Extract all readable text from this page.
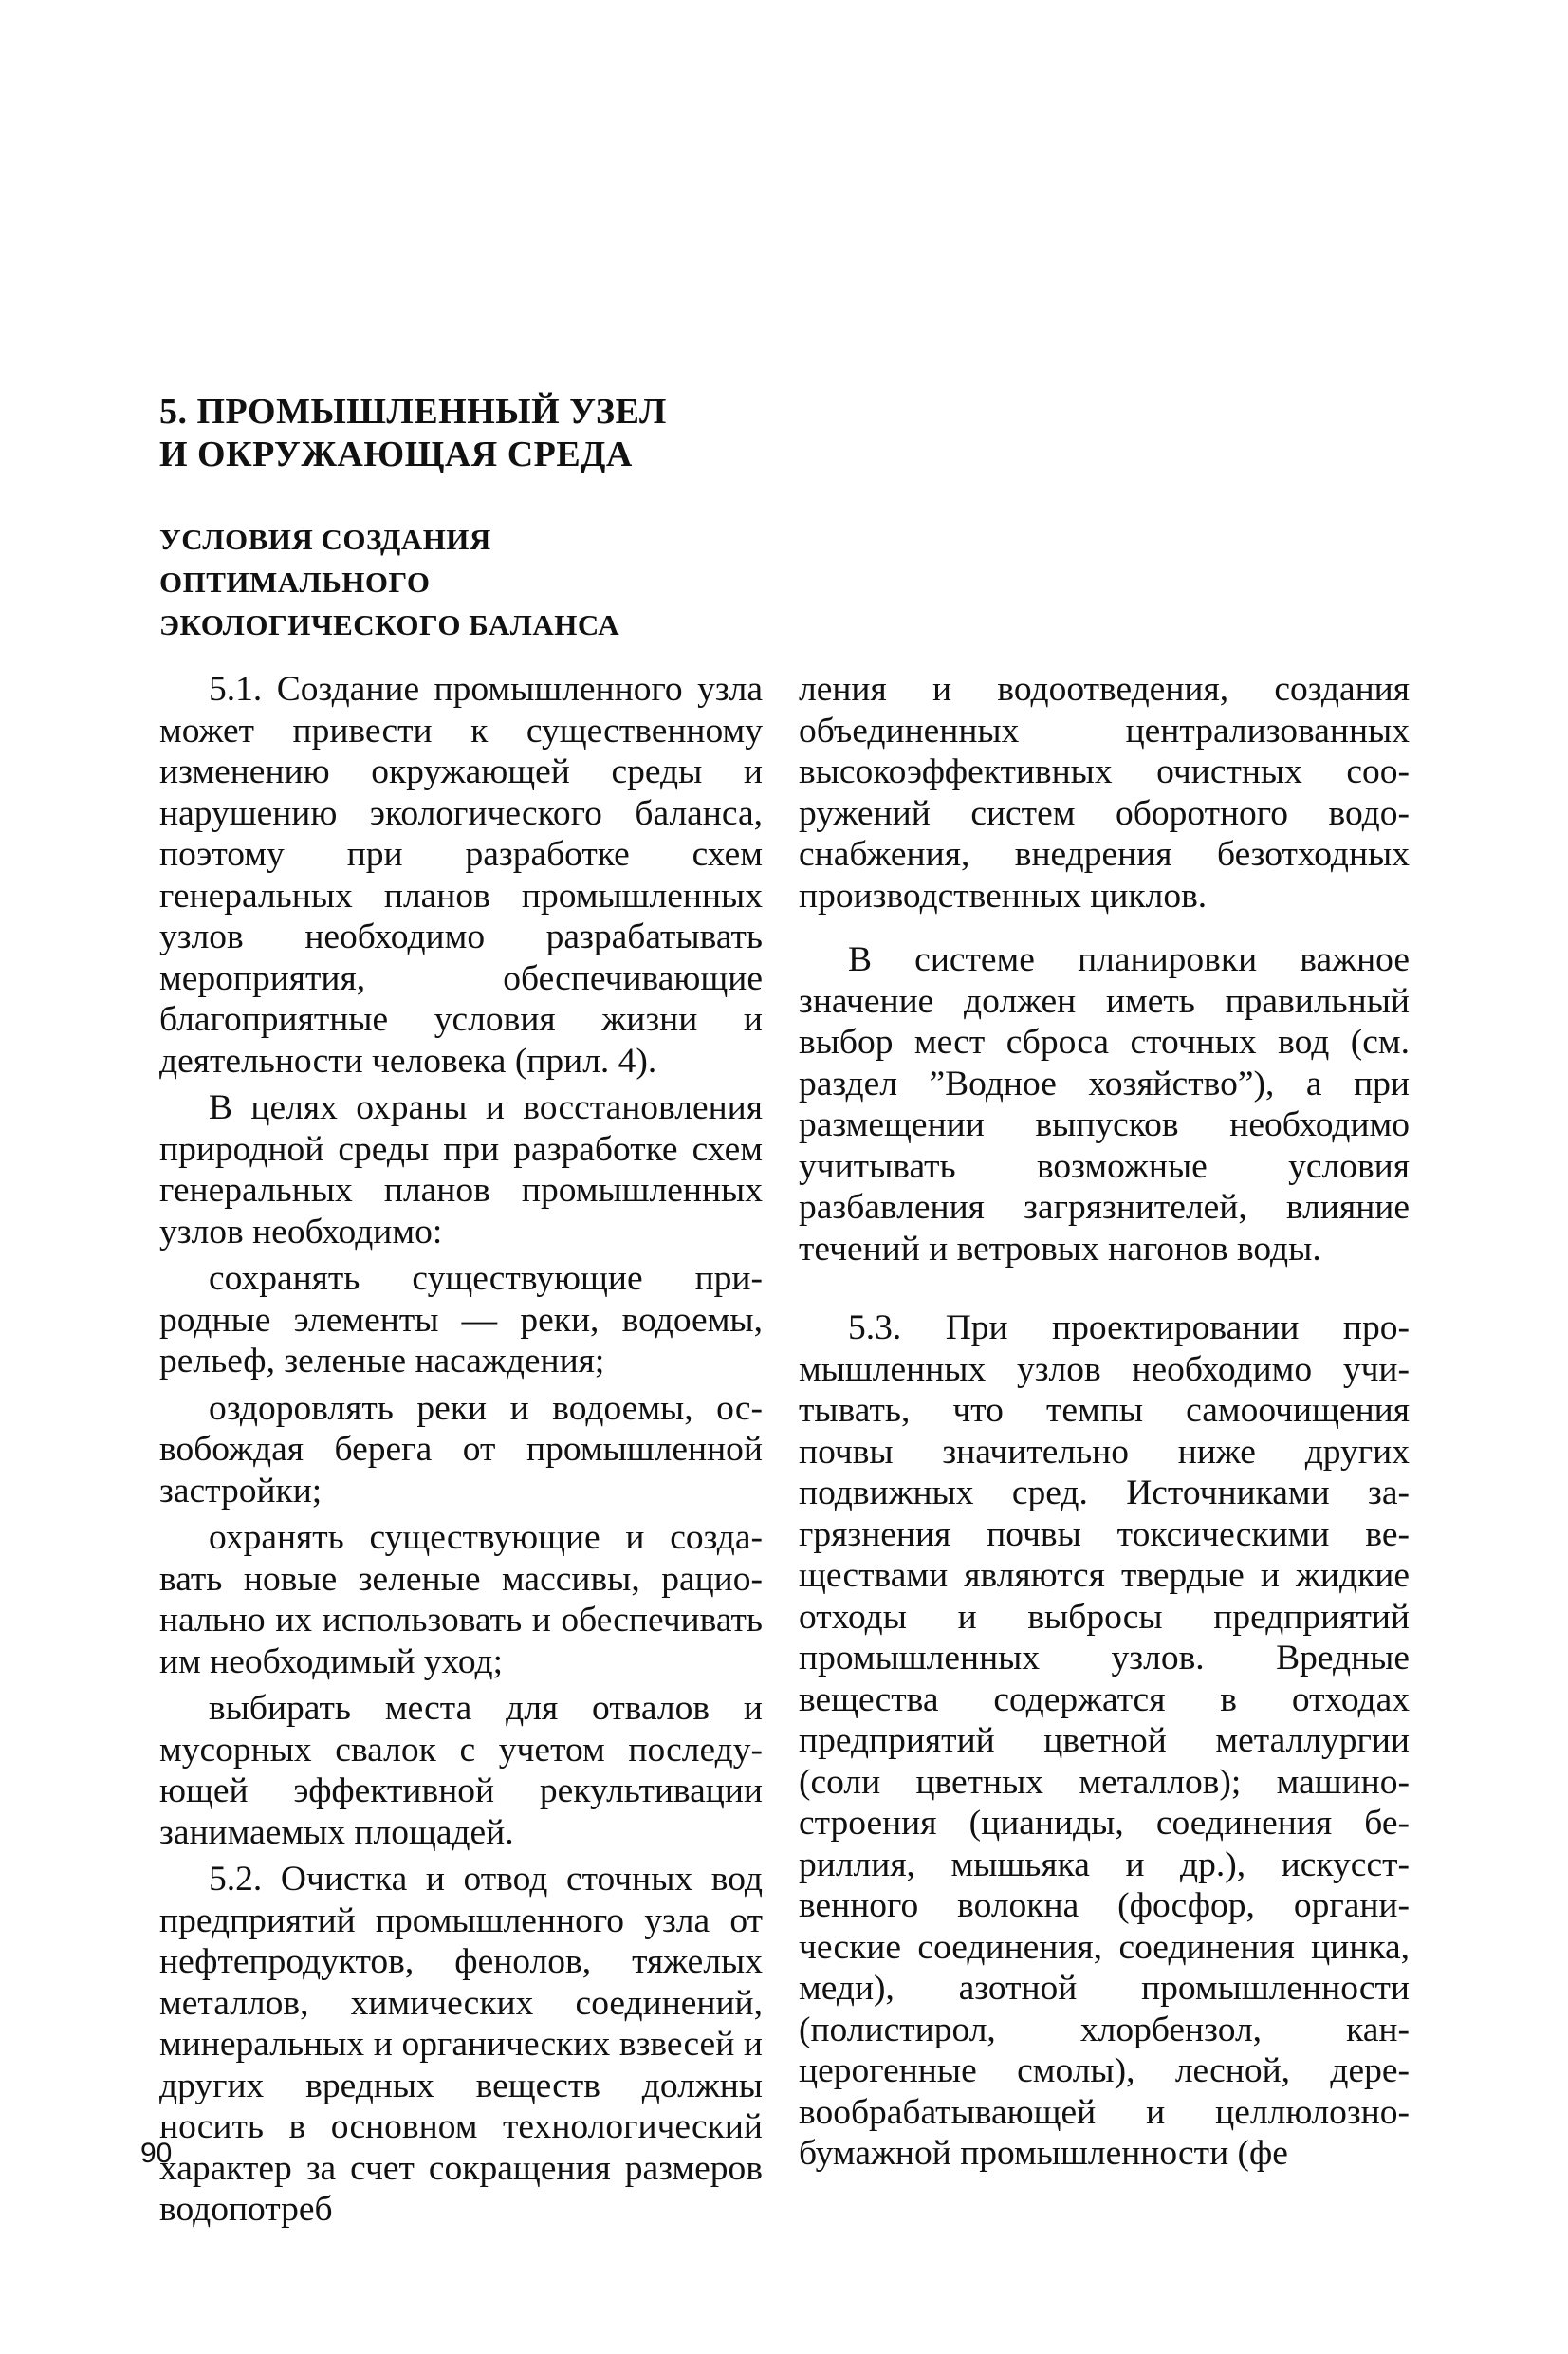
5. ПРОМЫШЛЕННЫЙ УЗЕЛ
И ОКРУЖАЮЩАЯ СРЕДА
УСЛОВИЯ СОЗДАНИЯ
ОПТИМАЛЬНОГО
ЭКОЛОГИЧЕСКОГО БАЛАНСА

5.1. Создание промышленного узла может привести к существенному изменению окружающей среды и нарушению экологического баланса, поэтому при разработке схем генеральных планов промышленных узлов необходимо разрабатывать мероприятия, обеспечивающие благоприятные условия жизни и деятельности человека (прил. 4).

В целях охраны и восстановления природной среды при разработке схем генеральных планов промышленных узлов необходимо:

сохранять существующие природные элементы — реки, водоемы, рельеф, зеленые насаждения;

оздоровлять реки и водоемы, освобождая берега от промышленной застройки;

охранять существующие и создавать новые зеленые массивы, рационально их использовать и обеспечивать им необходимый уход;

выбирать места для отвалов и мусорных свалок с учетом последующей эффективной рекультивации занимаемых площадей.

5.2. Очистка и отвод сточных вод предприятий промышленного узла от нефтепродуктов, фенолов, тяжелых металлов, химических соединений, минеральных и органических взвесей и других вредных веществ должны носить в основном технологический характер за счет сокращения размеров водопотреб

ления и водоотведения, создания объединенных централизованных высокоэффективных очистных сооружений систем оборотного водоснабжения, внедрения безотходных производственных циклов.

В системе планировки важное значение должен иметь правильный выбор мест сброса сточных вод (см. раздел ”Водное хозяйство”), а при размещении выпусков необходимо учитывать возможные условия разбавления загрязнителей, влияние течений и ветровых нагонов воды.

5.3. При проектировании промышленных узлов необходимо учитывать, что темпы самоочищения почвы значительно ниже других подвижных сред. Источниками загрязнения почвы токсическими веществами являются твердые и жидкие отходы и выбросы предприятий промышленных узлов. Вредные вещества содержатся в отходах предприятий цветной металлургии (соли цветных металлов); машиностроения (цианиды, соединения бериллия, мышьяка и др.), искусственного волокна (фосфор, органические соединения, соединения цинка, меди), азотной промышленности (полистирол, хлорбензол, канцерогенные смолы), лесной, деревообрабатывающей и целлюлознобумажной промышленности (фе

90
